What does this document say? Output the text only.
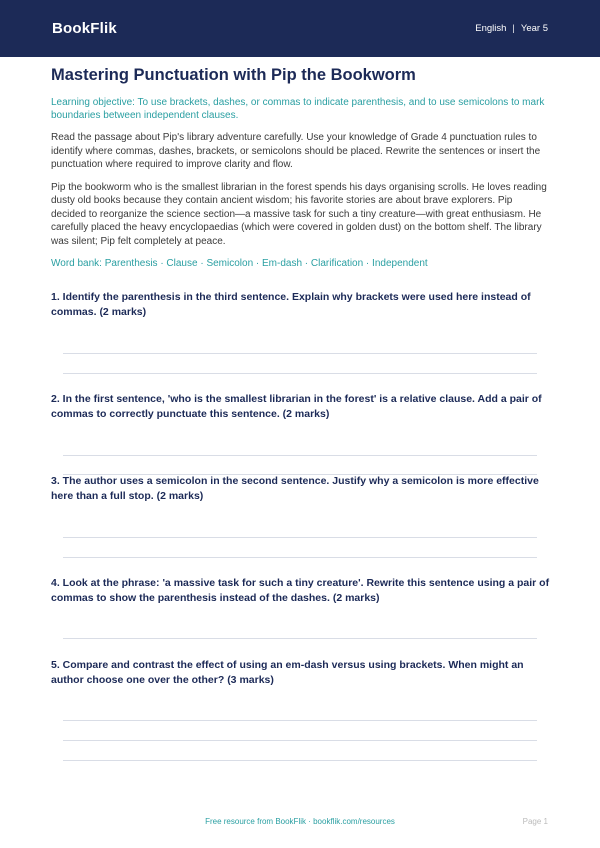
BookFlik	English | Year 5
Mastering Punctuation with Pip the Bookworm
Learning objective: To use brackets, dashes, or commas to indicate parenthesis, and to use semicolons to mark boundaries between independent clauses.
Read the passage about Pip's library adventure carefully. Use your knowledge of Grade 4 punctuation rules to identify where commas, dashes, brackets, or semicolons should be placed. Rewrite the sentences or insert the punctuation where required to improve clarity and flow.
Pip the bookworm who is the smallest librarian in the forest spends his days organising scrolls. He loves reading dusty old books because they contain ancient wisdom; his favorite stories are about brave explorers. Pip decided to reorganize the science section—a massive task for such a tiny creature—with great enthusiasm. He carefully placed the heavy encyclopaedias (which were covered in golden dust) on the bottom shelf. The library was silent; Pip felt completely at peace.
Word bank: Parenthesis · Clause · Semicolon · Em-dash · Clarification · Independent
1. Identify the parenthesis in the third sentence. Explain why brackets were used here instead of commas. (2 marks)
2. In the first sentence, 'who is the smallest librarian in the forest' is a relative clause. Add a pair of commas to correctly punctuate this sentence. (2 marks)
3. The author uses a semicolon in the second sentence. Justify why a semicolon is more effective here than a full stop. (2 marks)
4. Look at the phrase: 'a massive task for such a tiny creature'. Rewrite this sentence using a pair of commas to show the parenthesis instead of the dashes. (2 marks)
5. Compare and contrast the effect of using an em-dash versus using brackets. When might an author choose one over the other? (3 marks)
Free resource from BookFlik · bookflik.com/resources	Page 1
